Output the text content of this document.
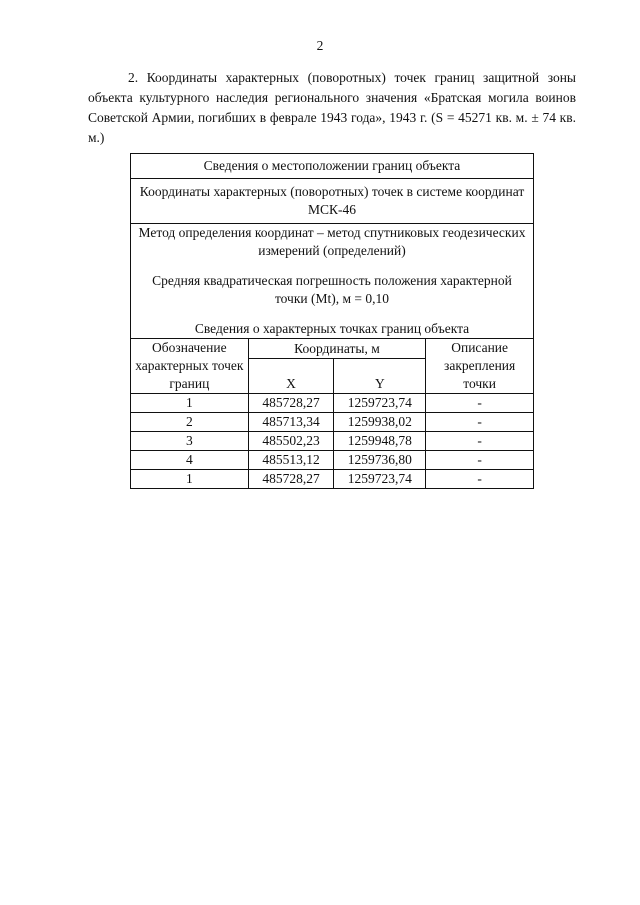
2
2. Координаты характерных (поворотных) точек границ защитной зоны объекта культурного наследия регионального значения «Братская могила воинов Советской Армии, погибших в феврале 1943 года», 1943 г. (S = 45271 кв. м. ± 74 кв. м.)
Сведения о местоположении границ объекта			
Координаты характерных (поворотных) точек в системе координат МСК-46			

Метод определения координат – метод спутниковых геодезических измерений (определений)
Средняя квадратическая погрешность положения характерной точки (Mt), м = 0,10
Сведения о характерных точках границ объекта			

Обозначение характерных точек границ	Координаты, м		Описание закрепления точки
	X	Y	
1	485728,27	1259723,74	-
2	485713,34	1259938,02	-
3	485502,23	1259948,78	-
4	485513,12	1259736,80	-
1	485728,27	1259723,74	-
